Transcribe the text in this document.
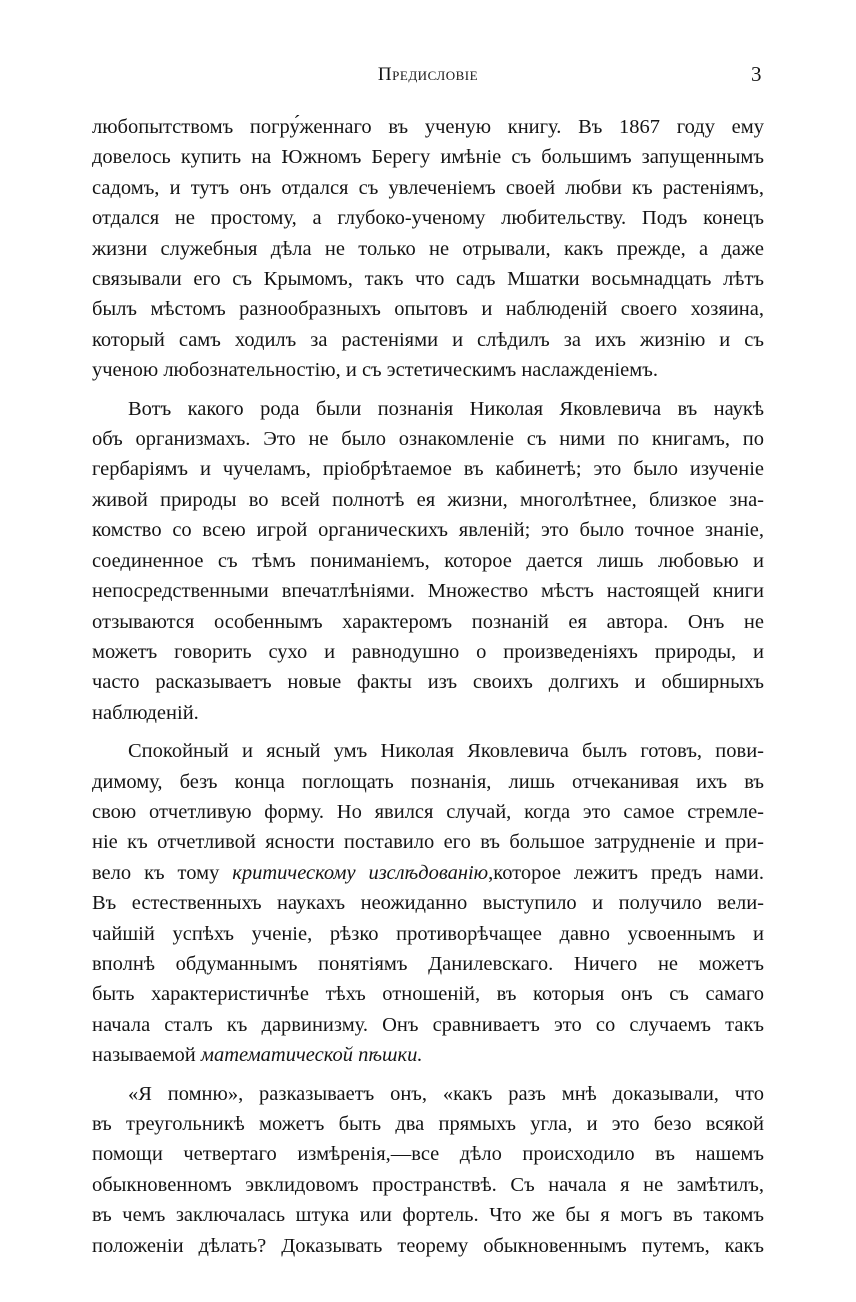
Предисловіе	3
любопытствомъ погру́женнаго въ ученую книгу. Въ 1867 году ему
довелось купить на Южномъ Берегу имѣніе съ большимъ запущеннымъ
садомъ, и тутъ онъ отдался съ увлеченіемъ своей любви къ растеніямъ,
отдался не простому, а глубоко-ученому любительству. Подъ конецъ
жизни служебныя дѣла не только не отрывали, какъ прежде, а даже
связывали его съ Крымомъ, такъ что садъ Мшатки восьмнадцать лѣтъ
былъ мѣстомъ разнообразныхъ опытовъ и наблюденій своего хозяина,
который самъ ходилъ за растеніями и слѣдилъ за ихъ жизнію и съ
ученою любознательностію, и съ эстетическимъ наслажденіемъ.
Вотъ какого рода были познанія Николая Яковлевича въ наукѣ
объ организмахъ. Это не было ознакомленіе съ ними по книгамъ, по
гербаріямъ и чучеламъ, пріобрѣтаемое въ кабинетѣ; это было изученіе
живой природы во всей полнотѣ ея жизни, многолѣтнее, близкое зна-
комство со всею игрой органическихъ явленій; это было точное знаніе,
соединенное съ тѣмъ пониманіемъ, которое дается лишь любовью и
непосредственными впечатлѣніями. Множество мѣстъ настоящей книги
отзываются особеннымъ характеромъ познаній ея автора. Онъ не
можетъ говорить сухо и равнодушно о произведеніяхъ природы, и
часто расказываетъ новые факты изъ своихъ долгихъ и обширныхъ
наблюденій.
Спокойный и ясный умъ Николая Яковлевича былъ готовъ, пови-
димому, безъ конца поглощать познанія, лишь отчеканивая ихъ въ
свою отчетливую форму. Но явился случай, когда это самое стремле-
ніе къ отчетливой ясности поставило его въ большое затрудненіе и при-
вело къ тому критическому изслѣдованію,которое лежитъ предъ нами.
Въ естественныхъ наукахъ неожиданно выступило и получило вели-
чайшій успѣхъ ученіе, рѣзко противорѣчащее давно усвоеннымъ и
вполнѣ обдуманнымъ понятіямъ Данилевскаго. Ничего не можетъ
быть характеристичнѣе тѣхъ отношеній, въ которыя онъ съ самаго
начала сталъ къ дарвинизму. Онъ сравниваетъ это со случаемъ такъ
называемой математической пѣшки.
«Я помню», разказываетъ онъ, «какъ разъ мнѣ доказывали, что
въ треугольникѣ можетъ быть два прямыхъ угла, и это безо всякой
помощи четвертаго измѣренія,—все дѣло происходило въ нашемъ
обыкновенномъ эвклидовомъ пространствѣ. Съ начала я не замѣтилъ,
въ чемъ заключалась штука или фортель. Что же бы я могъ въ такомъ
положеніи дѣлать? Доказывать теорему обыкновеннымъ путемъ, какъ
